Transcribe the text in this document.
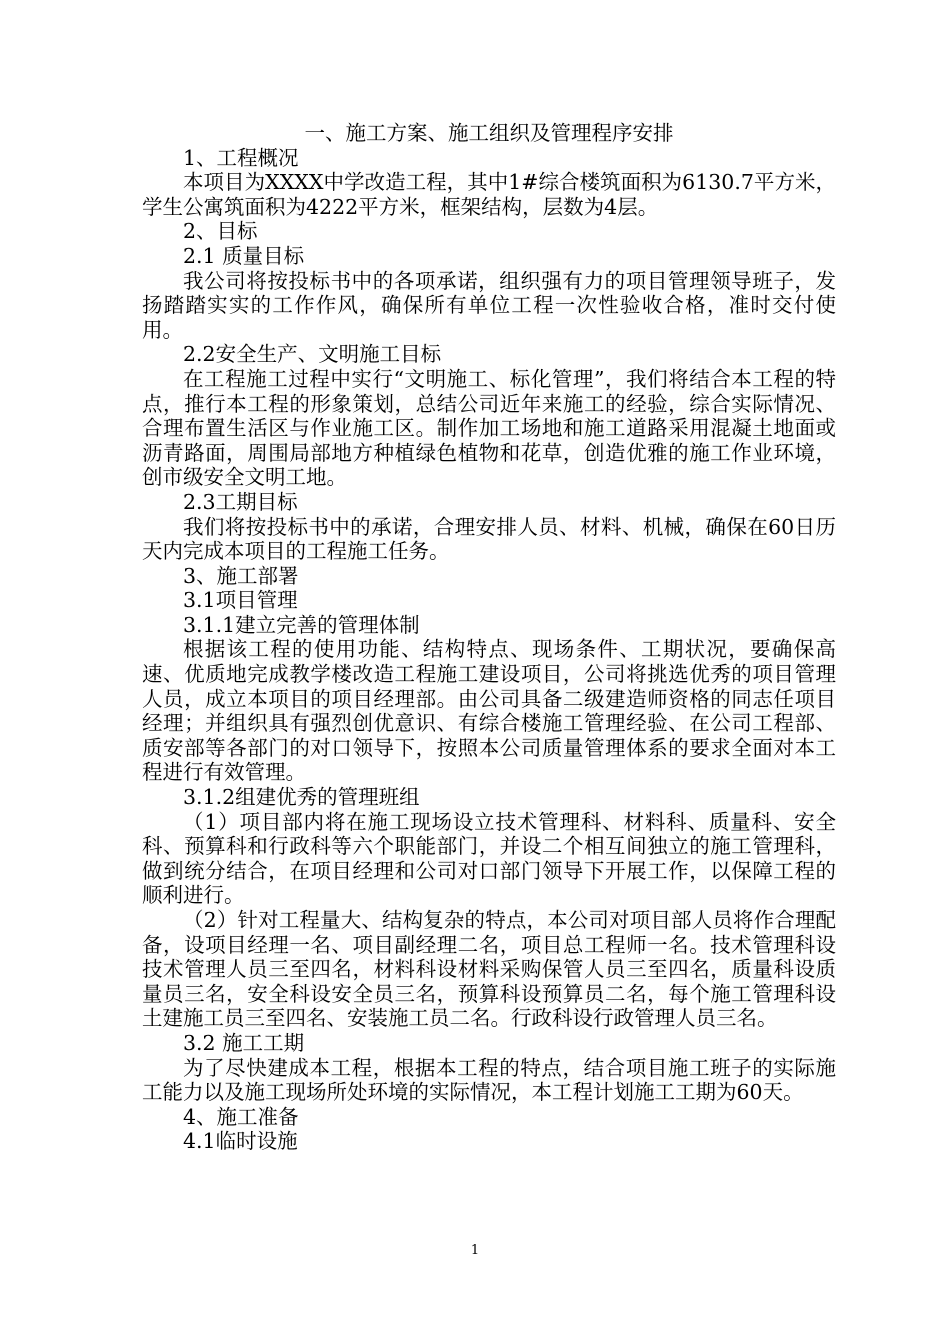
一、施工方案、施工组织及管理程序安排

1、工程概况

本项目为XXXX中学改造工程，其中1#综合楼筑面积为6130.7平方米，学生公寓筑面积为4222平方米，框架结构，层数为4层。

2、目标

2.1 质量目标

我公司将按投标书中的各项承诺，组织强有力的项目管理领导班子，发扬踏踏实实的工作作风，确保所有单位工程一次性验收合格，准时交付使用。

2.2安全生产、文明施工目标

在工程施工过程中实行“文明施工、标化管理”，我们将结合本工程的特点，推行本工程的形象策划，总结公司近年来施工的经验，综合实际情况、合理布置生活区与作业施工区。制作加工场地和施工道路采用混凝土地面或沥青路面，周围局部地方种植绿色植物和花草，创造优雅的施工作业环境，创市级安全文明工地。

2.3工期目标

我们将按投标书中的承诺，合理安排人员、材料、机械，确保在60日历天内完成本项目的工程施工任务。

3、施工部署

3.1项目管理

3.1.1建立完善的管理体制

根据该工程的使用功能、结构特点、现场条件、工期状况，要确保高速、优质地完成教学楼改造工程施工建设项目，公司将挑选优秀的项目管理人员，成立本项目的项目经理部。由公司具备二级建造师资格的同志任项目经理；并组织具有强烈创优意识、有综合楼施工管理经验、在公司工程部、质安部等各部门的对口领导下，按照本公司质量管理体系的要求全面对本工程进行有效管理。

3.1.2组建优秀的管理班组

（1）项目部内将在施工现场设立技术管理科、材料科、质量科、安全科、预算科和行政科等六个职能部门，并设二个相互间独立的施工管理科，做到统分结合，在项目经理和公司对口部门领导下开展工作，以保障工程的顺利进行。

（2）针对工程量大、结构复杂的特点，本公司对项目部人员将作合理配备，设项目经理一名、项目副经理二名，项目总工程师一名。技术管理科设技术管理人员三至四名，材料科设材料采购保管人员三至四名，质量科设质量员三名，安全科设安全员三名，预算科设预算员二名，每个施工管理科设土建施工员三至四名、安装施工员二名。行政科设行政管理人员三名。

3.2 施工工期

为了尽快建成本工程，根据本工程的特点，结合项目施工班子的实际施工能力以及施工现场所处环境的实际情况，本工程计划施工工期为60天。

4、施工准备

4.1临时设施

1
